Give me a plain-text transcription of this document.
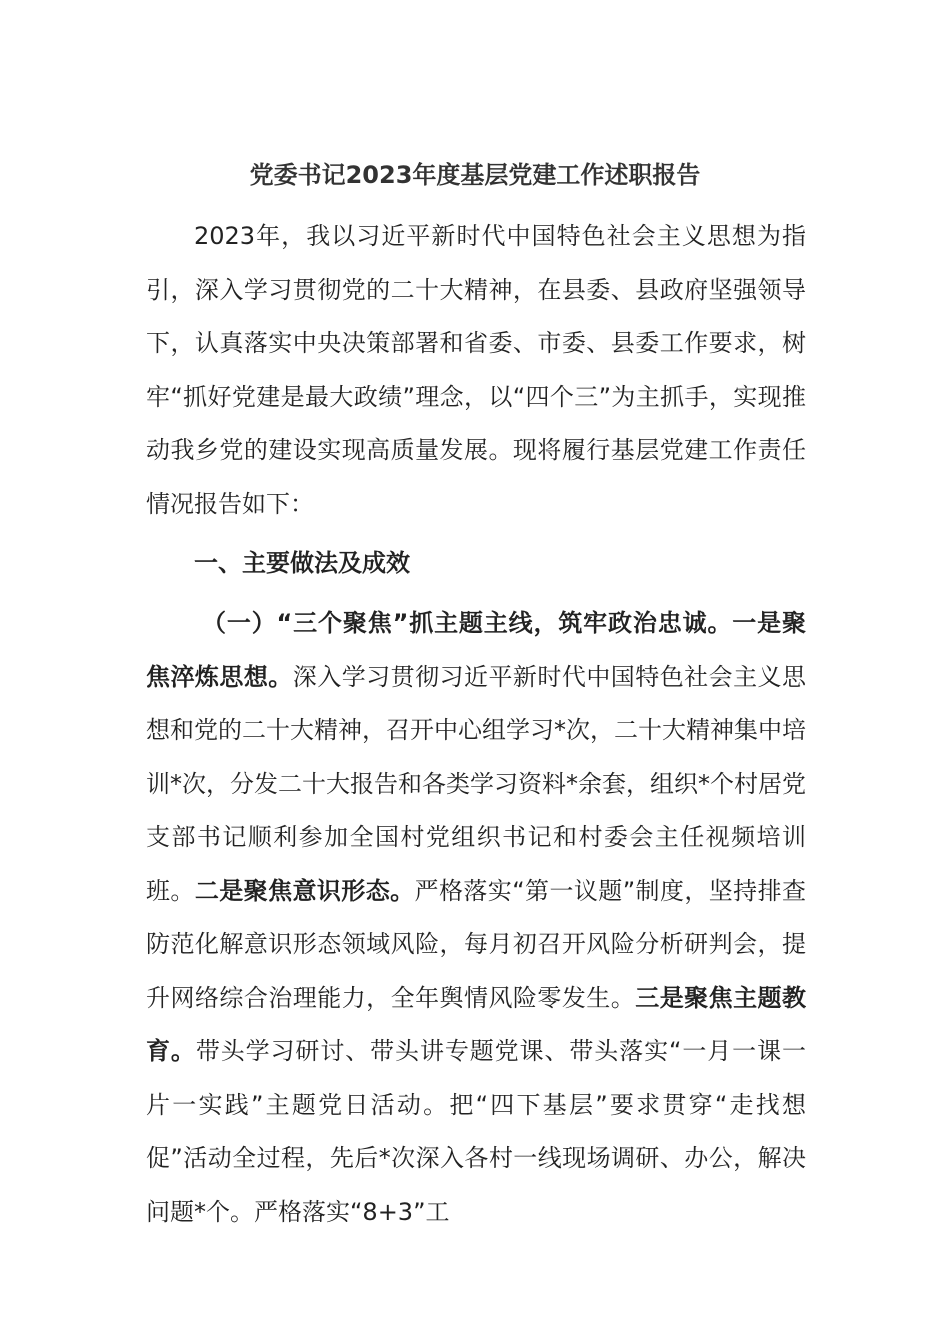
党委书记2023年度基层党建工作述职报告

2023年，我以习近平新时代中国特色社会主义思想为指引，深入学习贯彻党的二十大精神，在县委、县政府坚强领导下，认真落实中央决策部署和省委、市委、县委工作要求，树牢“抓好党建是最大政绩”理念，以“四个三”为主抓手，实现推动我乡党的建设实现高质量发展。现将履行基层党建工作责任情况报告如下：

一、主要做法及成效

（一）“三个聚焦”抓主题主线，筑牢政治忠诚。一是聚焦淬炼思想。深入学习贯彻习近平新时代中国特色社会主义思想和党的二十大精神，召开中心组学习*次，二十大精神集中培训*次，分发二十大报告和各类学习资料*余套，组织*个村居党支部书记顺利参加全国村党组织书记和村委会主任视频培训班。二是聚焦意识形态。严格落实“第一议题”制度，坚持排查防范化解意识形态领域风险，每月初召开风险分析研判会，提升网络综合治理能力，全年舆情风险零发生。三是聚焦主题教育。带头学习研讨、带头讲专题党课、带头落实“一月一课一片一实践”主题党日活动。把“四下基层”要求贯穿“走找想促”活动全过程，先后*次深入各村一线现场调研、办公，解决问题*个。严格落实“8+3”工
